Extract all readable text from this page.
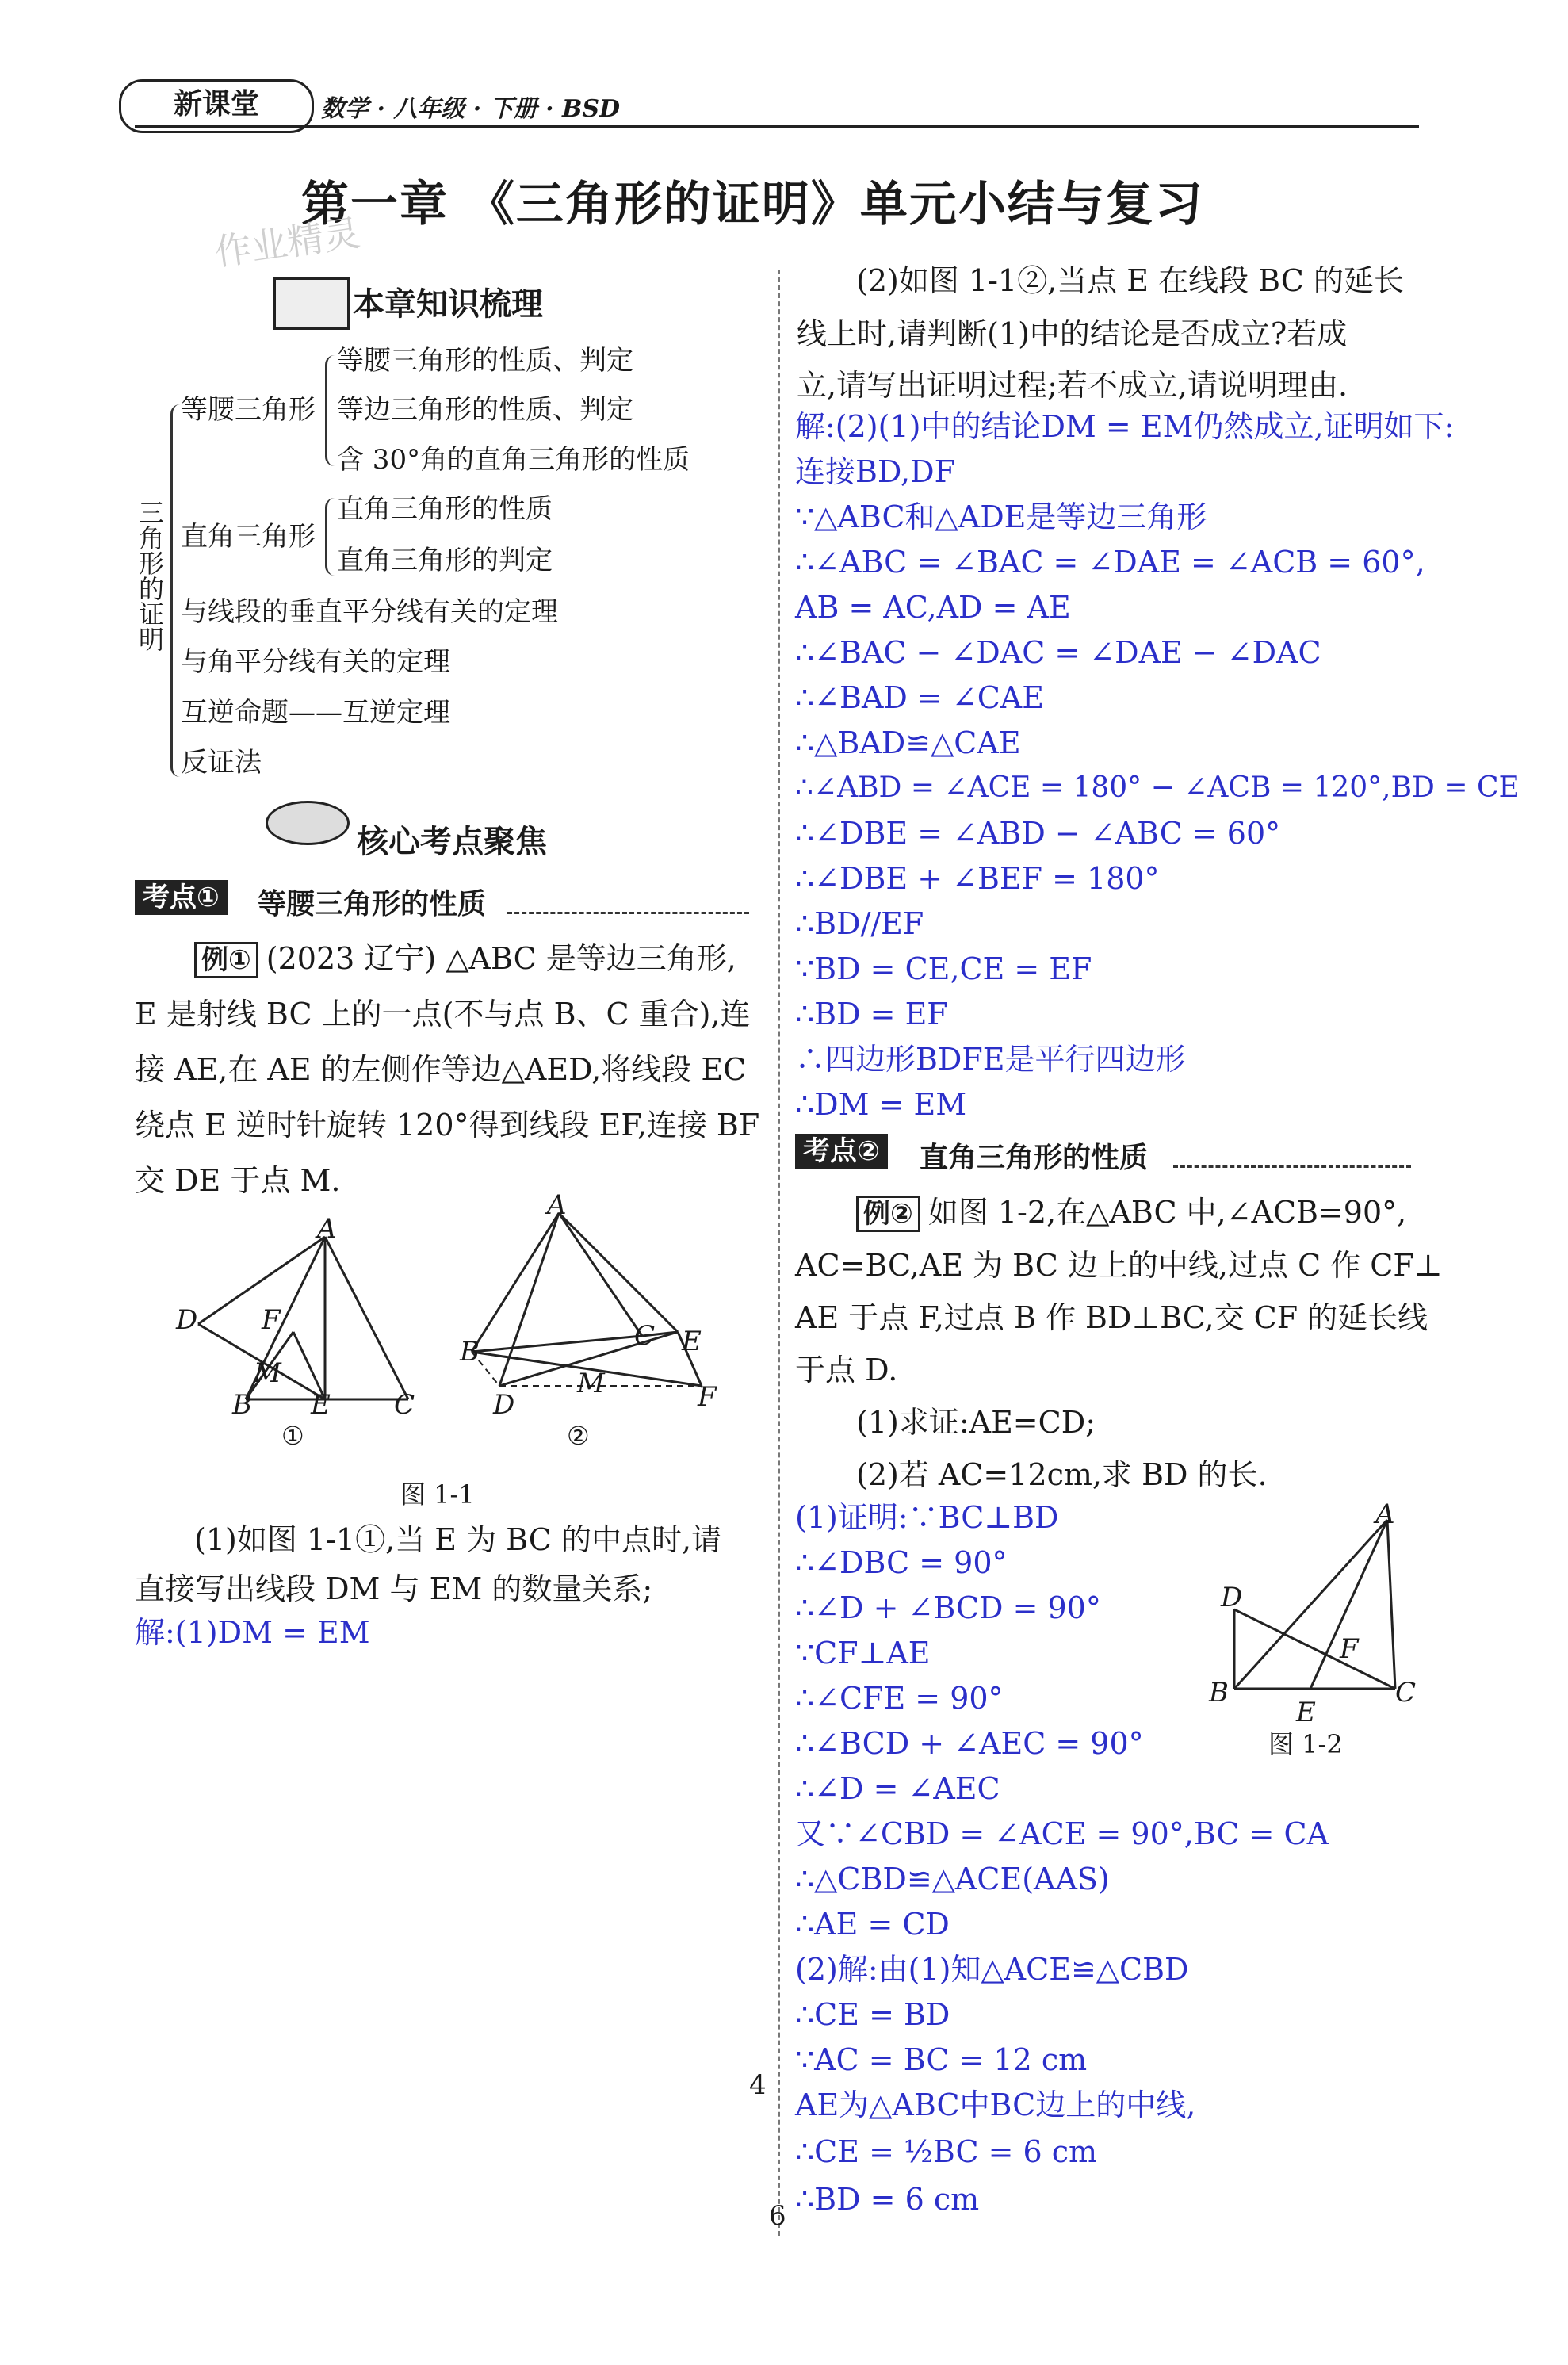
新课堂	数学 · 八年级 · 下册 · BSD
第一章 《三角形的证明》单元小结与复习
作业精灵
本章知识梳理
三角形的证明
等腰三角形
等腰三角形的性质、判定
等边三角形的性质、判定
含 30°角的直角三角形的性质
直角三角形
直角三角形的性质
直角三角形的判定
与线段的垂直平分线有关的定理
与角平分线有关的定理
互逆命题——互逆定理
反证法
核心考点聚焦
考点① 等腰三角形的性质
例① (2023 辽宁) △ABC 是等边三角形,
E 是射线 BC 上的一点(不与点 B、C 重合),连
接 AE,在 AE 的左侧作等边△AED,将线段 EC
绕点 E 逆时针旋转 120°得到线段 EF,连接 BF
交 DE 于点 M.
A
D F
M
B E C
①
A
B	C E
D
M	F
②
图 1-1
(1)如图 1-1①,当 E 为 BC 的中点时,请
直接写出线段 DM 与 EM 的数量关系;
解:(1)DM = EM
(2)如图 1-1②,当点 E 在线段 BC 的延长
线上时,请判断(1)中的结论是否成立?若成
立,请写出证明过程;若不成立,请说明理由.
解:(2)(1)中的结论DM = EM仍然成立,证明如下:
连接BD,DF
∵△ABC和△ADE是等边三角形
∴∠ABC = ∠BAC = ∠DAE = ∠ACB = 60°,
AB = AC,AD = AE
∴∠BAC − ∠DAC = ∠DAE − ∠DAC
∴∠BAD = ∠CAE
∴△BAD≌△CAE
∴∠ABD = ∠ACE = 180° − ∠ACB = 120°,BD = CE
∴∠DBE = ∠ABD − ∠ABC = 60°
∴∠DBE + ∠BEF = 180°
∴BD//EF
∵BD = CE,CE = EF
∴BD = EF
∴四边形BDFE是平行四边形
∴DM = EM
考点② 直角三角形的性质
例② 如图 1-2,在△ABC 中,∠ACB=90°,
AC=BC,AE 为 BC 边上的中线,过点 C 作 CF⊥
AE 于点 F,过点 B 作 BD⊥BC,交 CF 的延长线
于点 D.
(1)求证:AE=CD;
(2)若 AC=12cm,求 BD 的长.
A
D
F
B
E
C
图 1-2
(1)证明:∵BC⊥BD
∴∠DBC = 90°
∴∠D + ∠BCD = 90°
∵CF⊥AE
∴∠CFE = 90°
∴∠BCD + ∠AEC = 90°
∴∠D = ∠AEC
又∵∠CBD = ∠ACE = 90°,BC = CA
∴△CBD≌△ACE(AAS)
∴AE = CD
(2)解:由(1)知△ACE≌△CBD
∴CE = BD
∵AC = BC = 12 cm
AE为△ABC中BC边上的中线,
∴CE = ½BC = 6 cm
∴BD = 6 cm
4
6
